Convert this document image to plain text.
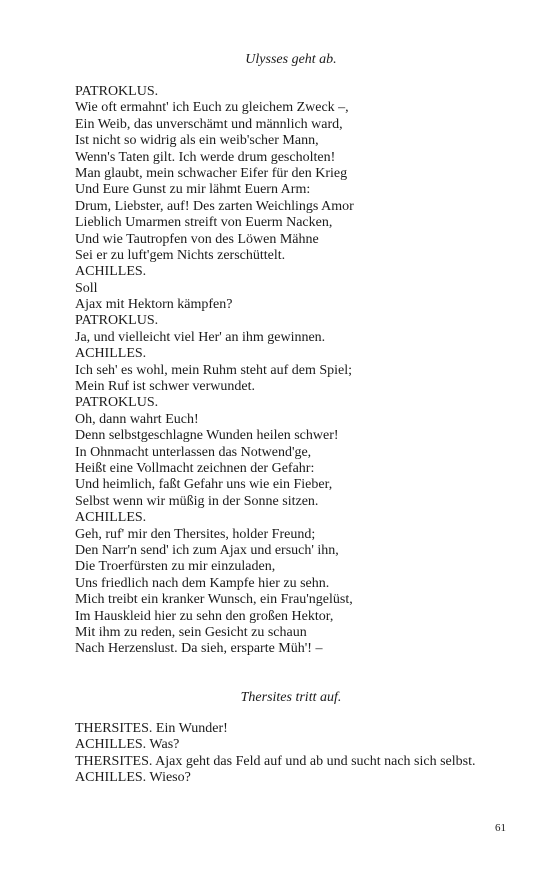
Ulysses geht ab.
PATROKLUS.
Wie oft ermahnt' ich Euch zu gleichem Zweck –,
Ein Weib, das unverschämt und männlich ward,
Ist nicht so widrig als ein weib'scher Mann,
Wenn's Taten gilt. Ich werde drum gescholten!
Man glaubt, mein schwacher Eifer für den Krieg
Und Eure Gunst zu mir lähmt Euern Arm:
Drum, Liebster, auf! Des zarten Weichlings Amor
Lieblich Umarmen streift von Euerm Nacken,
Und wie Tautropfen von des Löwen Mähne
Sei er zu luft'gem Nichts zerschüttelt.
ACHILLES.
Soll
Ajax mit Hektorn kämpfen?
PATROKLUS.
Ja, und vielleicht viel Her' an ihm gewinnen.
ACHILLES.
Ich seh' es wohl, mein Ruhm steht auf dem Spiel;
Mein Ruf ist schwer verwundet.
PATROKLUS.
Oh, dann wahrt Euch!
Denn selbstgeschlagne Wunden heilen schwer!
In Ohnmacht unterlassen das Notwend'ge,
Heißt eine Vollmacht zeichnen der Gefahr:
Und heimlich, faßt Gefahr uns wie ein Fieber,
Selbst wenn wir müßig in der Sonne sitzen.
ACHILLES.
Geh, ruf' mir den Thersites, holder Freund;
Den Narr'n send' ich zum Ajax und ersuch' ihn,
Die Troerfürsten zu mir einzuladen,
Uns friedlich nach dem Kampfe hier zu sehn.
Mich treibt ein kranker Wunsch, ein Frau'ngelüst,
Im Hauskleid hier zu sehn den großen Hektor,
Mit ihm zu reden, sein Gesicht zu schaun
Nach Herzenslust. Da sieh, ersparte Müh'! –
Thersites tritt auf.
THERSITES. Ein Wunder!
ACHILLES. Was?
THERSITES. Ajax geht das Feld auf und ab und sucht nach sich selbst.
ACHILLES. Wieso?
61
